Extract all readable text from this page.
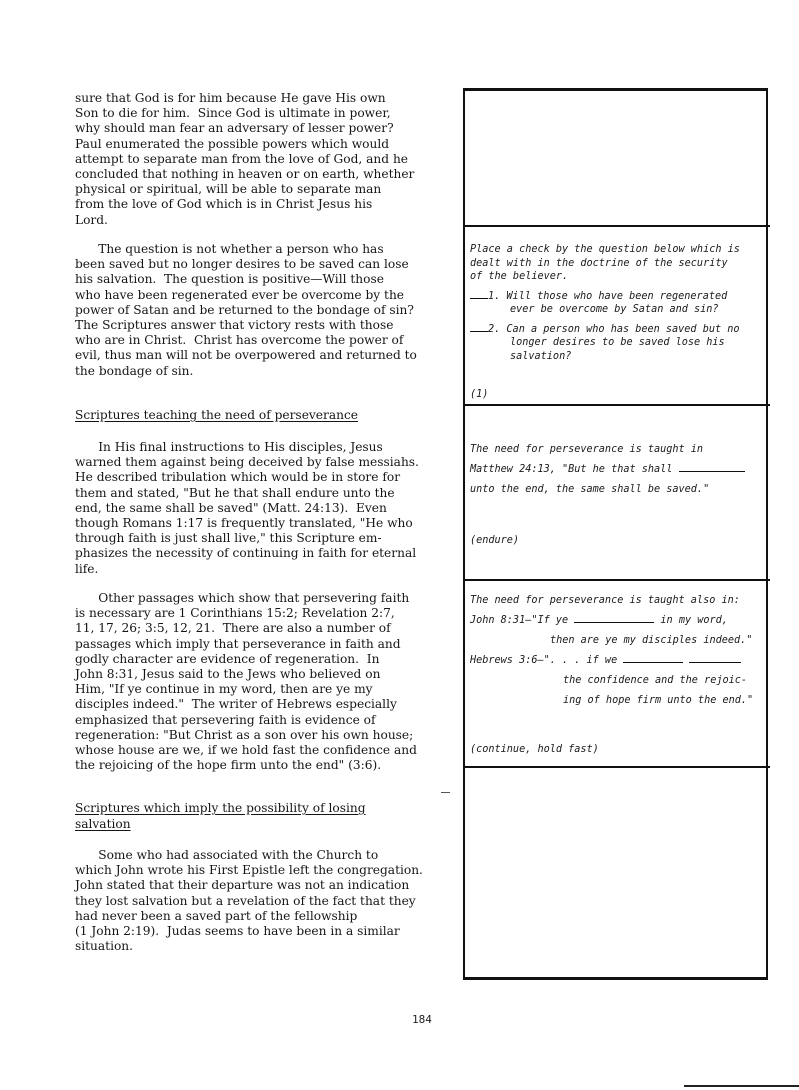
sure that God is for him because He gave His own
Son to die for him.  Since God is ultimate in power,
why should man fear an adversary of lesser power?
Paul enumerated the possible powers which would
attempt to separate man from the love of God, and he
concluded that nothing in heaven or on earth, whether
physical or spiritual, will be able to separate man
from the love of God which is in Christ Jesus his
Lord.
The question is not whether a person who has
been saved but no longer desires to be saved can lose
his salvation.  The question is positive—Will those
who have been regenerated ever be overcome by the
power of Satan and be returned to the bondage of sin?
The Scriptures answer that victory rests with those
who are in Christ.  Christ has overcome the power of
evil, thus man will not be overpowered and returned to
the bondage of sin.
Scriptures teaching the need of perseverance
In His final instructions to His disciples, Jesus
warned them against being deceived by false messiahs.
He described tribulation which would be in store for
them and stated, "But he that shall endure unto the
end, the same shall be saved" (Matt. 24:13).  Even
though Romans 1:17 is frequently translated, "He who
through faith is just shall live," this Scripture em-
phasizes the necessity of continuing in faith for eternal
life.
Other passages which show that persevering faith
is necessary are 1 Corinthians 15:2; Revelation 2:7,
11, 17, 26; 3:5, 12, 21.  There are also a number of
passages which imply that perseverance in faith and
godly character are evidence of regeneration.  In
John 8:31, Jesus said to the Jews who believed on
Him, "If ye continue in my word, then are ye my
disciples indeed."  The writer of Hebrews especially
emphasized that persevering faith is evidence of
regeneration: "But Christ as a son over his own house;
whose house are we, if we hold fast the confidence and
the rejoicing of the hope firm unto the end" (3:6).
Scriptures which imply the possibility of losing
salvation
Some who had associated with the Church to
which John wrote his First Epistle left the congregation.
John stated that their departure was not an indication
they lost salvation but a revelation of the fact that they
had never been a saved part of the fellowship
(1 John 2:19).  Judas seems to have been in a similar
situation.
Place a check by the question below which is
dealt with in the doctrine of the security
of the believer.
1. Will those who have been regenerated
ever be overcome by Satan and sin?
2. Can a person who has been saved but no
longer desires to be saved lose his
salvation?
(1)
The need for perseverance is taught in
Matthew 24:13, "But he that shall
unto the end, the same shall be saved."
(endure)
The need for perseverance is taught also in:
John 8:31—"If ye	in my word,
then are ye my disciples indeed."
Hebrews 3:6—". . . if we
the confidence and the rejoic-
ing of hope firm unto the end."
(continue, hold fast)
184
